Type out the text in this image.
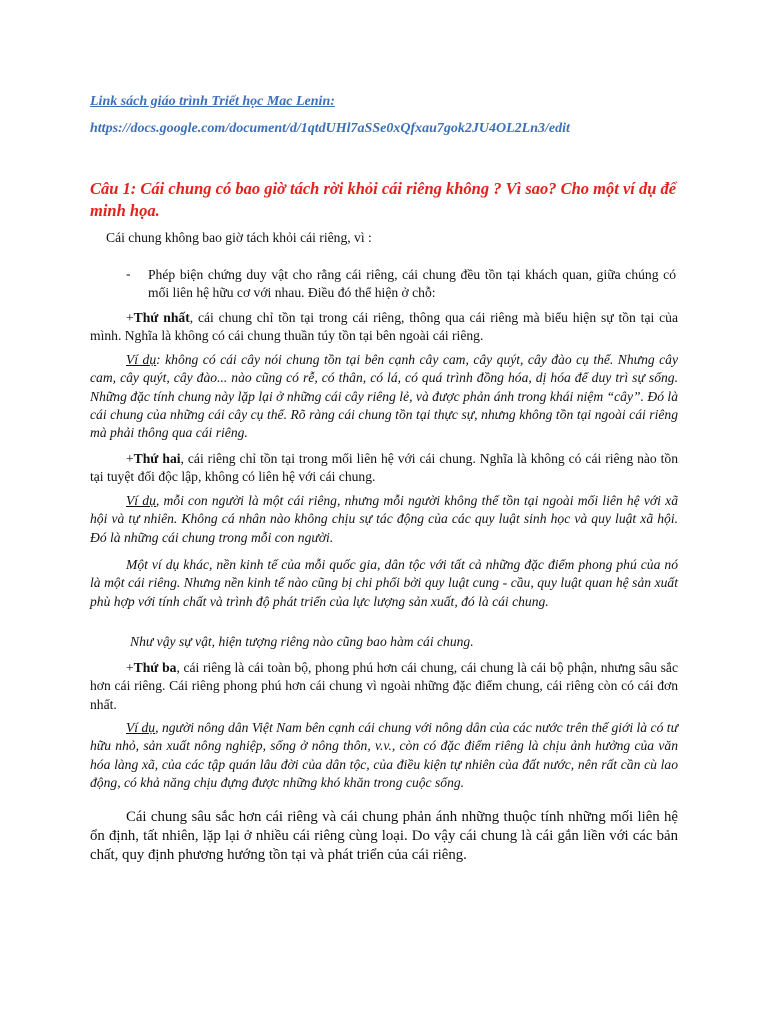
Link sách giáo trình Triết học Mac Lenin:
https://docs.google.com/document/d/1qtdUHl7aSSe0xQfxau7gok2JU4OL2Ln3/edit
Câu 1: Cái chung có bao giờ tách rời khỏi cái riêng không ? Vì sao? Cho một ví dụ để minh họa.
Cái chung không bao giờ tách khỏi cái riêng, vì :
- Phép biện chứng duy vật cho rằng cái riêng, cái chung đều tồn tại khách quan, giữa chúng có mối liên hệ hữu cơ với nhau. Điều đó thể hiện ở chỗ:
+Thứ nhất, cái chung chỉ tồn tại trong cái riêng, thông qua cái riêng mà biểu hiện sự tồn tại của mình. Nghĩa là không có cái chung thuần túy tồn tại bên ngoài cái riêng.
Ví dụ: không có cái cây nói chung tồn tại bên cạnh cây cam, cây quýt, cây đào cụ thể. Nhưng cây cam, cây quýt, cây đào... nào cũng có rễ, có thân, có lá, có quá trình đồng hóa, dị hóa để duy trì sự sống. Những đặc tính chung này lặp lại ở những cái cây riêng lẻ, và được phản ánh trong khái niệm “cây”. Đó là cái chung của những cái cây cụ thể. Rõ ràng cái chung tồn tại thực sự, nhưng không tồn tại ngoài cái riêng mà phải thông qua cái riêng.
+Thứ hai, cái riêng chỉ tồn tại trong mối liên hệ với cái chung. Nghĩa là không có cái riêng nào tồn tại tuyệt đối độc lập, không có liên hệ với cái chung.
Ví dụ, mỗi con người là một cái riêng, nhưng mỗi người không thể tồn tại ngoài mối liên hệ với xã hội và tự nhiên. Không cá nhân nào không chịu sự tác động của các quy luật sinh học và quy luật xã hội. Đó là những cái chung trong mỗi con người.
Một ví dụ khác, nền kinh tế của mỗi quốc gia, dân tộc với tất cả những đặc điểm phong phú của nó là một cái riêng. Nhưng nền kinh tế nào cũng bị chi phối bởi quy luật cung - cầu, quy luật quan hệ sản xuất phù hợp với tính chất và trình độ phát triển của lực lượng sản xuất, đó là cái chung.
Như vậy sự vật, hiện tượng riêng nào cũng bao hàm cái chung.
+Thứ ba, cái riêng là cái toàn bộ, phong phú hơn cái chung, cái chung là cái bộ phận, nhưng sâu sắc hơn cái riêng. Cái riêng phong phú hơn cái chung vì ngoài những đặc điểm chung, cái riêng còn có cái đơn nhất.
Ví dụ, người nông dân Việt Nam bên cạnh cái chung với nông dân của các nước trên thế giới là có tư hữu nhỏ, sản xuất nông nghiệp, sống ở nông thôn, v.v., còn có đặc điểm riêng là chịu ảnh hưởng của văn hóa làng xã, của các tập quán lâu đời của dân tộc, của điều kiện tự nhiên của đất nước, nên rất cần cù lao động, có khả năng chịu đựng được những khó khăn trong cuộc sống.
Cái chung sâu sắc hơn cái riêng và cái chung phản ánh những thuộc tính những mối liên hệ ổn định, tất nhiên, lặp lại ở nhiều cái riêng cùng loại. Do vậy cái chung là cái gắn liền với các bản chất, quy định phương hướng tồn tại và phát triển của cái riêng.
